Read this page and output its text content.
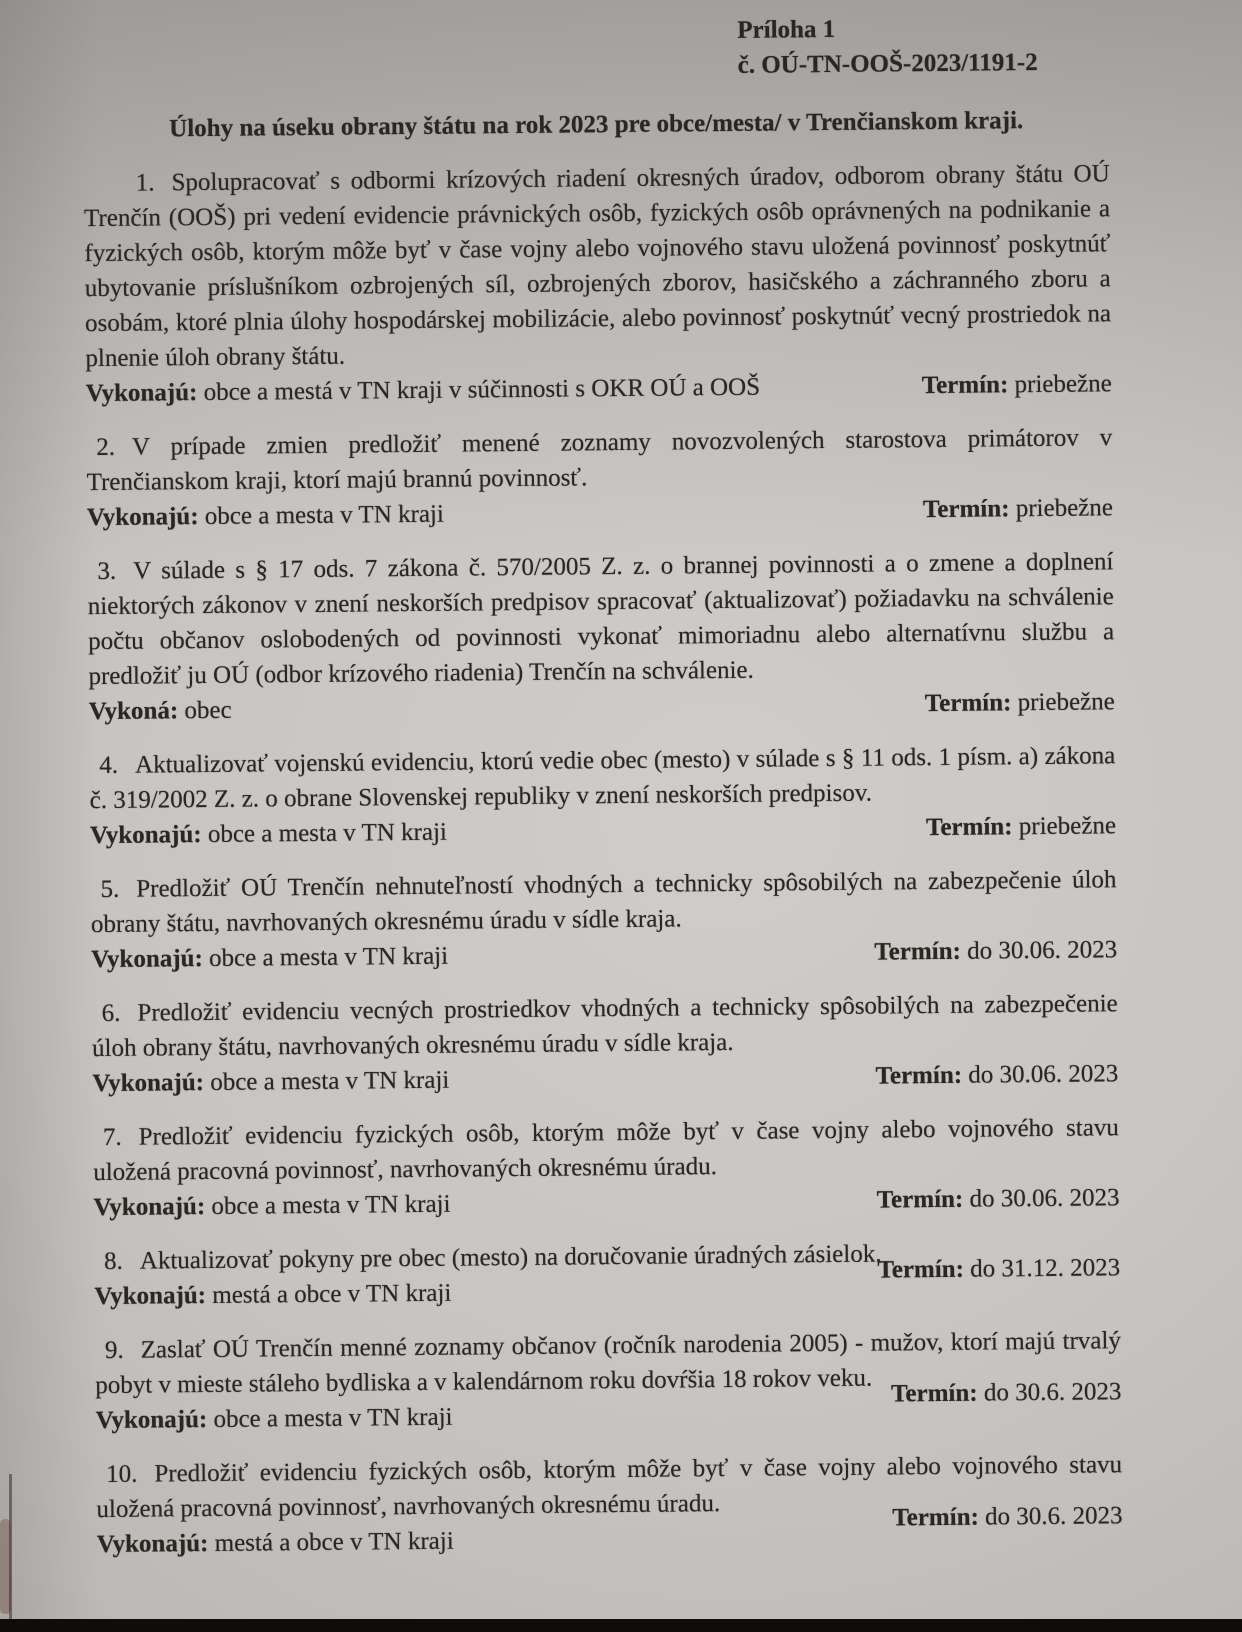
Príloha 1
č. OÚ-TN-OOŠ-2023/1191-2
Úlohy na úseku obrany štátu na rok 2023 pre obce/mesta/ v Trenčianskom kraji.

1. Spolupracovať s odbormi krízových riadení okresných úradov, odborom obrany štátu OÚ Trenčín (OOŠ) pri vedení evidencie právnických osôb, fyzických osôb oprávnených na podnikanie a fyzických osôb, ktorým môže byť v čase vojny alebo vojnového stavu uložená povinnosť poskytnúť ubytovanie príslušníkom ozbrojených síl, ozbrojených zborov, hasičského a záchranného zboru a osobám, ktoré plnia úlohy hospodárskej mobilizácie, alebo povinnosť poskytnúť vecný prostriedok na plnenie úloh obrany štátu.

Vykonajú: obce a mestá v TN kraji v súčinnosti s OKR OÚ a OOŠ	Termín: priebežne

2. V prípade zmien predložiť menené zoznamy novozvolených starostova primátorov v Trenčianskom kraji, ktorí majú brannú povinnosť.

Vykonajú: obce a mesta v TN kraji	Termín: priebežne

3. V súlade s § 17 ods. 7 zákona č. 570/2005 Z. z. o brannej povinnosti a o zmene a doplnení niektorých zákonov v znení neskorších predpisov spracovať (aktualizovať) požiadavku na schválenie počtu občanov oslobodených od povinnosti vykonať mimoriadnu alebo alternatívnu službu a predložiť ju OÚ (odbor krízového riadenia) Trenčín na schválenie.

Vykoná: obec	Termín: priebežne

4. Aktualizovať vojenskú evidenciu, ktorú vedie obec (mesto) v súlade s § 11 ods. 1 písm. a) zákona č. 319/2002 Z. z. o obrane Slovenskej republiky v znení neskorších predpisov.

Vykonajú: obce a mesta v TN kraji	Termín: priebežne

5. Predložiť OÚ Trenčín nehnuteľností vhodných a technicky spôsobilých na zabezpečenie úloh obrany štátu, navrhovaných okresnému úradu v sídle kraja.

Vykonajú: obce a mesta v TN kraji	Termín: do 30.06. 2023

6. Predložiť evidenciu vecných prostriedkov vhodných a technicky spôsobilých na zabezpečenie úloh obrany štátu, navrhovaných okresnému úradu v sídle kraja.

Vykonajú: obce a mesta v TN kraji	Termín: do 30.06. 2023

7. Predložiť evidenciu fyzických osôb, ktorým môže byť v čase vojny alebo vojnového stavu uložená pracovná povinnosť, navrhovaných okresnému úradu.

Vykonajú: obce a mesta v TN kraji	Termín: do 30.06. 2023

8. Aktualizovať pokyny pre obec (mesto) na doručovanie úradných zásielok.

Vykonajú: mestá a obce v TN kraji
Termín: do 31.12. 2023

9. Zaslať OÚ Trenčín menné zoznamy občanov (ročník narodenia 2005) - mužov, ktorí majú trvalý pobyt v mieste stáleho bydliska a v kalendárnom roku dovŕšia 18 rokov veku.

Vykonajú: obce a mesta v TN kraji
Termín: do 30.6. 2023

10. Predložiť evidenciu fyzických osôb, ktorým môže byť v čase vojny alebo vojnového stavu uložená pracovná povinnosť, navrhovaných okresnému úradu.

Vykonajú: mestá a obce v TN kraji
Termín: do 30.6. 2023
